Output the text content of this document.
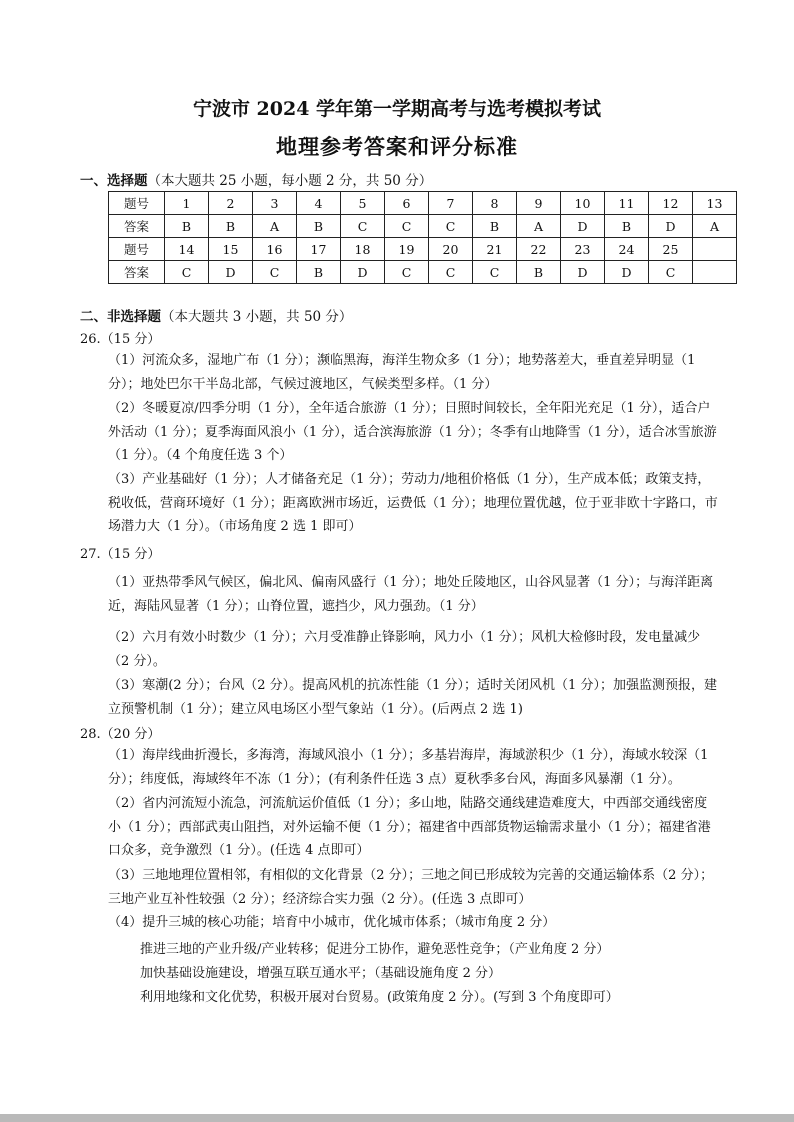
宁波市 2024 学年第一学期高考与选考模拟考试
地理参考答案和评分标准
一、选择题（本大题共 25 小题，每小题 2 分，共 50 分）
题号	1	2	3	4	5	6	7	8	9	10	11	12	13
答案	B	B	A	B	C	C	C	B	A	D	B	D	A
题号	14	15	16	17	18	19	20	21	22	23	24	25	
答案	C	D	C	B	D	C	C	C	B	D	D	C	
二、非选择题（本大题共 3 小题，共 50 分）
26.（15 分）
（1）河流众多，湿地广布（1 分）；濒临黑海，海洋生物众多（1 分）；地势落差大，垂直差异明显（1 分）；地处巴尔干半岛北部，气候过渡地区，气候类型多样。（1 分）
（2）冬暖夏凉/四季分明（1 分），全年适合旅游（1 分）；日照时间较长，全年阳光充足（1 分），适合户外活动（1 分）；夏季海面风浪小（1 分），适合滨海旅游（1 分）；冬季有山地降雪（1 分），适合冰雪旅游（1 分）。（4 个角度任选 3 个）
（3）产业基础好（1 分）；人才储备充足（1 分）；劳动力/地租价格低（1 分），生产成本低；政策支持，税收低，营商环境好（1 分）；距离欧洲市场近，运费低（1 分）；地理位置优越，位于亚非欧十字路口，市场潜力大（1 分）。（市场角度 2 选 1 即可）
27.（15 分）
（1）亚热带季风气候区，偏北风、偏南风盛行（1 分）；地处丘陵地区，山谷风显著（1 分）；与海洋距离近，海陆风显著（1 分）；山脊位置，遮挡少，风力强劲。（1 分）
（2）六月有效小时数少（1 分）；六月受准静止锋影响，风力小（1 分）；风机大检修时段，发电量减少（2 分）。
（3）寒潮(2 分）；台风（2 分）。提高风机的抗冻性能（1 分）；适时关闭风机（1 分）；加强监测预报，建立预警机制（1 分）；建立风电场区小型气象站（1 分）。(后两点 2 选 1)
28.（20 分）
（1）海岸线曲折漫长，多海湾，海域风浪小（1 分）；多基岩海岸，海域淤积少（1 分），海域水较深（1 分）；纬度低，海域终年不冻（1 分）；(有利条件任选 3 点）夏秋季多台风，海面多风暴潮（1 分）。
（2）省内河流短小流急，河流航运价值低（1 分）；多山地，陆路交通线建造难度大，中西部交通线密度小（1 分）；西部武夷山阻挡，对外运输不便（1 分）；福建省中西部货物运输需求量小（1 分）；福建省港口众多，竞争激烈（1 分）。(任选 4 点即可）
（3）三地地理位置相邻，有相似的文化背景（2 分）；三地之间已形成较为完善的交通运输体系（2 分）；三地产业互补性较强（2 分）；经济综合实力强（2 分）。(任选 3 点即可）
（4）提升三城的核心功能；培育中小城市，优化城市体系；（城市角度 2 分）
推进三地的产业升级/产业转移；促进分工协作，避免恶性竞争；（产业角度 2 分）
加快基础设施建设，增强互联互通水平；（基础设施角度 2 分）
利用地缘和文化优势，积极开展对台贸易。(政策角度 2 分）。(写到 3 个角度即可）
